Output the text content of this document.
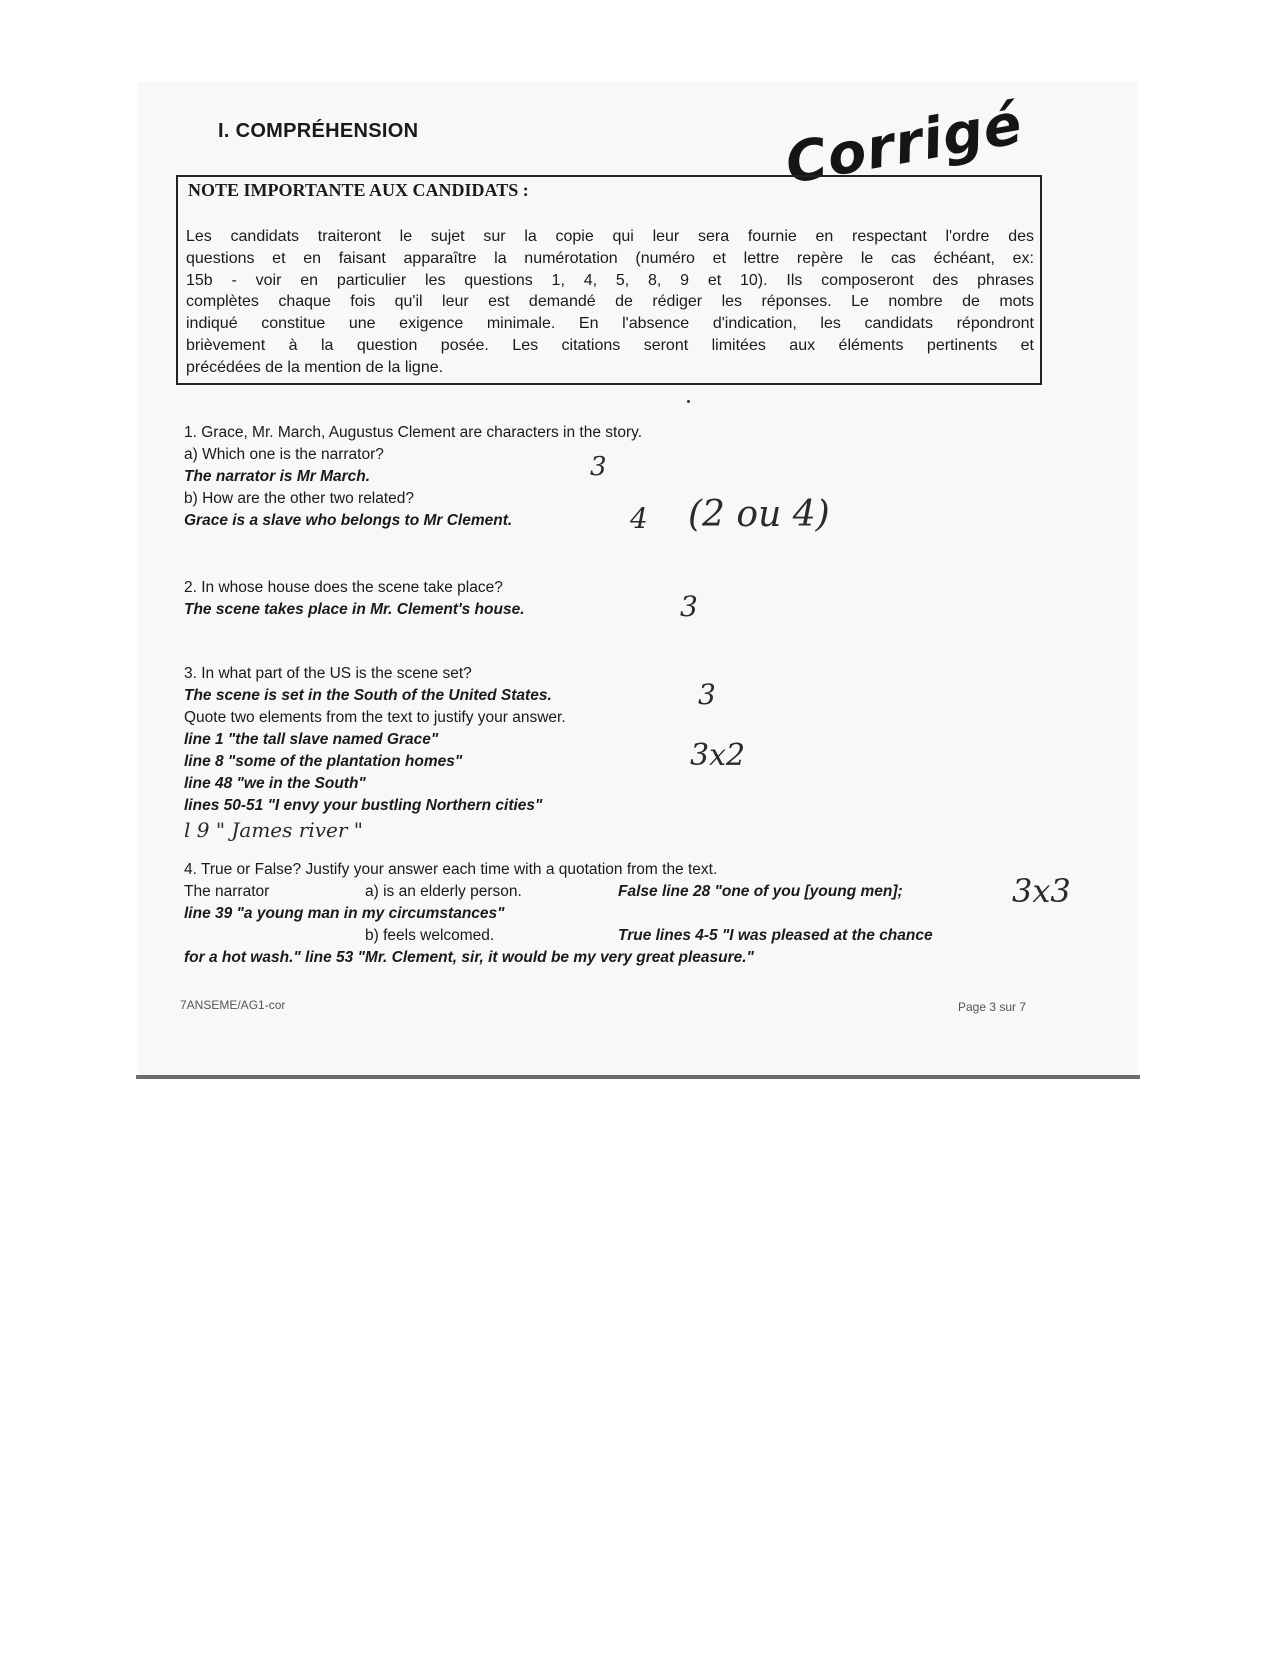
I. COMPRÉHENSION	Corrigé
NOTE IMPORTANTE AUX CANDIDATS :
Les candidats traiteront le sujet sur la copie qui leur sera fournie en respectant l'ordre des
questions et en faisant apparaître la numérotation (numéro et lettre repère le cas échéant, ex:
15b - voir en particulier les questions 1, 4, 5, 8, 9 et 10). Ils composeront des phrases
complètes chaque fois qu'il leur est demandé de rédiger les réponses. Le nombre de mots
indiqué constitue une exigence minimale. En l'absence d'indication, les candidats répondront
brièvement à la question posée. Les citations seront limitées aux éléments pertinents et
précédées de la mention de la ligne.
1. Grace, Mr. March, Augustus Clement are characters in the story.
a) Which one is the narrator?
The narrator is Mr March.	3
b) How are the other two related?
Grace is a slave who belongs to Mr Clement.	4 (2 ou 4)
2. In whose house does the scene take place?
The scene takes place in Mr. Clement's house.	3
3. In what part of the US is the scene set?
The scene is set in the South of the United States.	3
Quote two elements from the text to justify your answer.
line 1 "the tall slave named Grace"
line 8 "some of the plantation homes"	3x2
line 48 "we in the South"
lines 50-51 "I envy your bustling Northern cities"
l 9 " James river "
4. True or False? Justify your answer each time with a quotation from the text.
The narrator	a) is an elderly person.	False line 28 "one of you [young men];	3x3
line 39 "a young man in my circumstances"
b) feels welcomed.	True lines 4-5 "I was pleased at the chance
for a hot wash." line 53 "Mr. Clement, sir, it would be my very great pleasure."
7ANSEME/AG1-cor	Page 3 sur 7
